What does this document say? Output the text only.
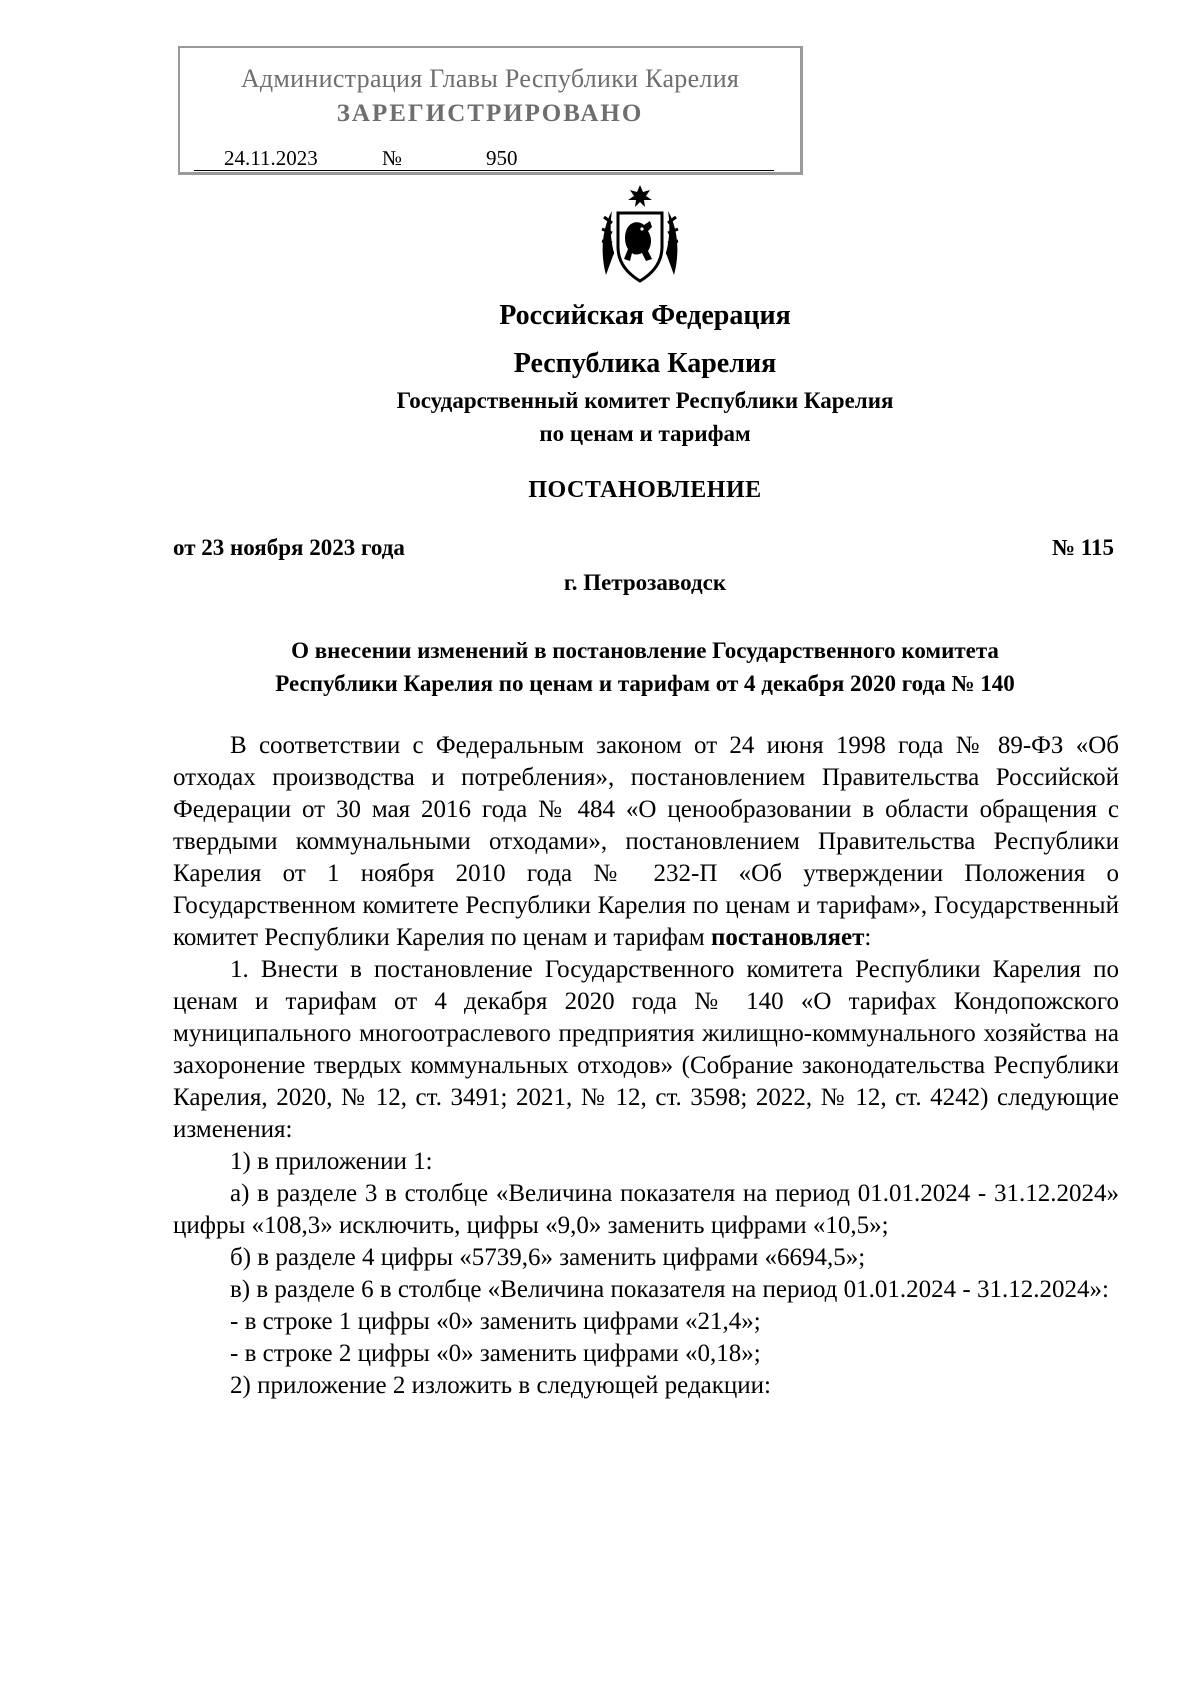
Администрация Главы Республики Карелия
ЗАРЕГИСТРИРОВАНО
24.11.2023	№	950
Российская Федерация
Республика Карелия
Государственный комитет Республики Карелия
по ценам и тарифам
ПОСТАНОВЛЕНИЕ
от 23 ноября 2023 года	№ 115
г. Петрозаводск
О внесении изменений в постановление Государственного комитета
Республики Карелия по ценам и тарифам от 4 декабря 2020 года № 140

В соответствии с Федеральным законом от 24 июня 1998 года № 89-ФЗ «Об отходах производства и потребления», постановлением Правительства Российской Федерации от 30 мая 2016 года № 484 «О ценообразовании в области обращения с твердыми коммунальными отходами», постановлением Правительства Республики Карелия от 1 ноября 2010 года № 232-П «Об утверждении Положения о Государственном комитете Республики Карелия по ценам и тарифам», Государственный комитет Республики Карелия по ценам и тарифам постановляет:

1. Внести в постановление Государственного комитета Республики Карелия по ценам и тарифам от 4 декабря 2020 года № 140 «О тарифах Кондопожского муниципального многоотраслевого предприятия жилищно-коммунального хозяйства на захоронение твердых коммунальных отходов» (Собрание законодательства Республики Карелия, 2020, № 12, ст. 3491; 2021, № 12, ст. 3598; 2022, № 12, ст. 4242) следующие изменения:

1) в приложении 1:

а) в разделе 3 в столбце «Величина показателя на период 01.01.2024 - 31.12.2024» цифры «108,3» исключить, цифры «9,0» заменить цифрами «10,5»;

б) в разделе 4 цифры «5739,6» заменить цифрами «6694,5»;

в) в разделе 6 в столбце «Величина показателя на период 01.01.2024 - 31.12.2024»:

- в строке 1 цифры «0» заменить цифрами «21,4»;

- в строке 2 цифры «0» заменить цифрами «0,18»;

2) приложение 2 изложить в следующей редакции:
